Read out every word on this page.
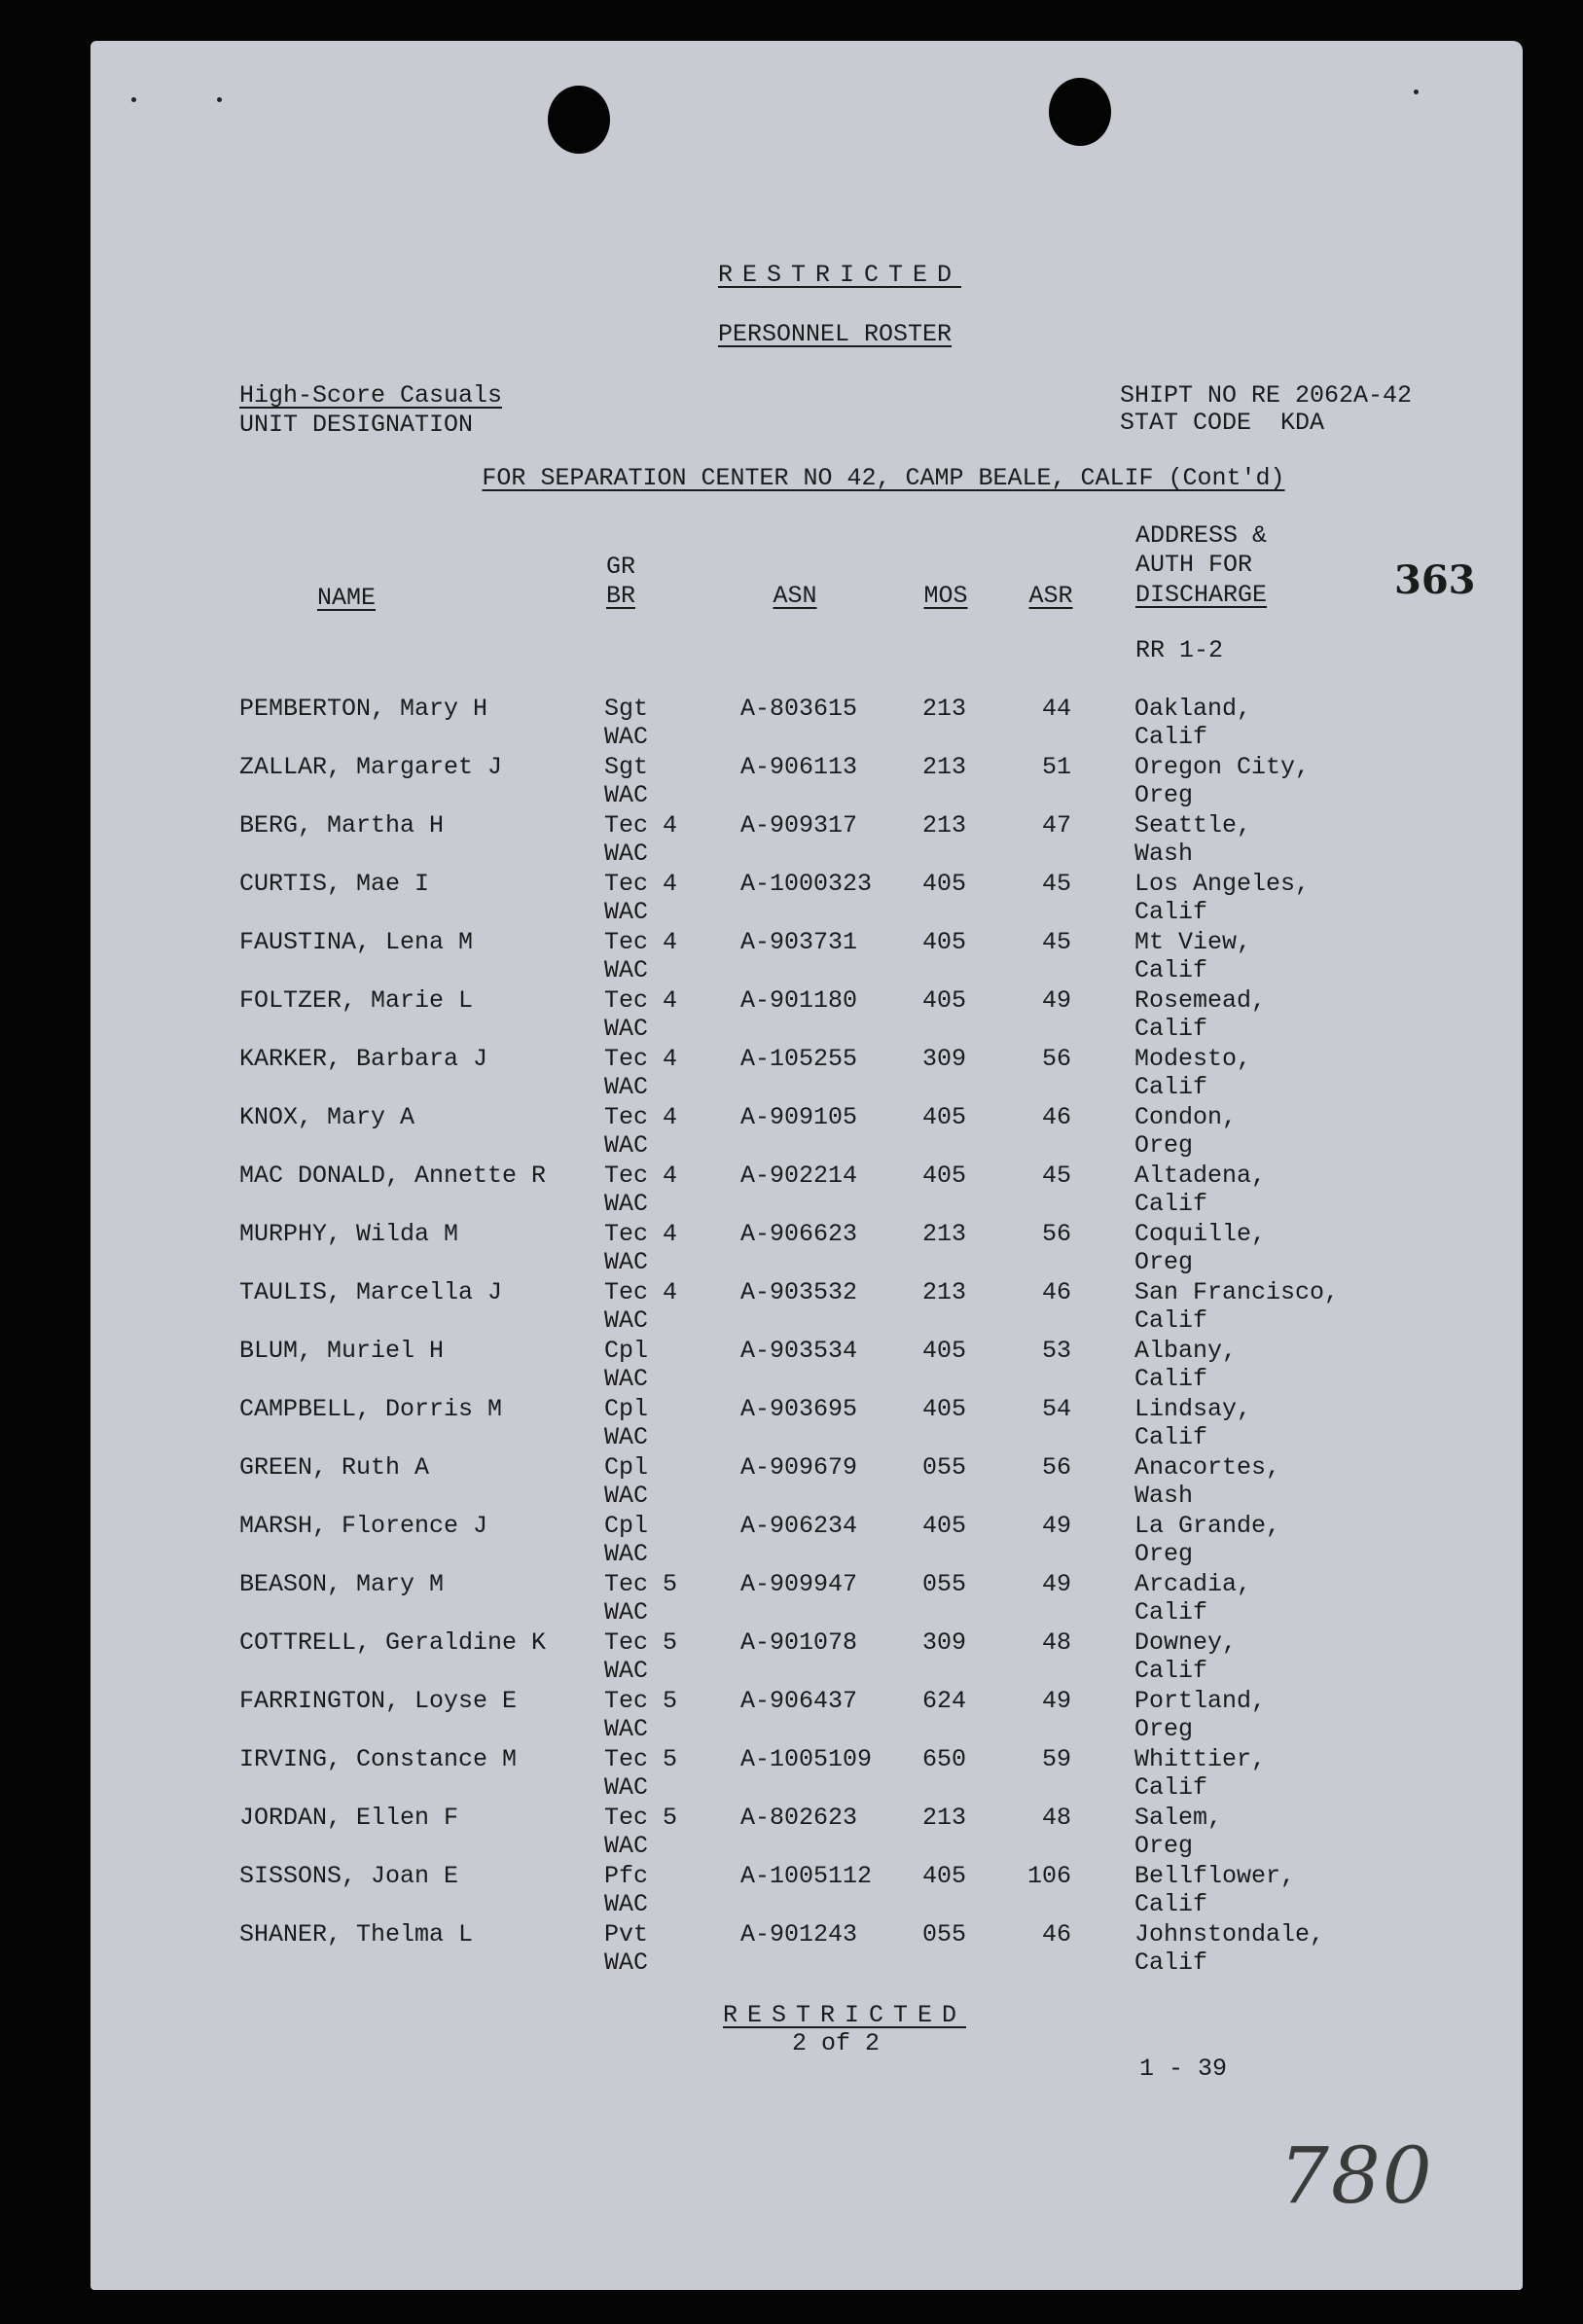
RESTRICTED
PERSONNEL ROSTER
High-Score Casuals
UNIT DESIGNATION
SHIPT NO RE 2062A-42
STAT CODE  KDA
FOR SEPARATION CENTER NO 42, CAMP BEALE, CALIF (Cont'd)
NAME
GR
BR	ASN	MOS	ASR
ADDRESS &
AUTH FOR
DISCHARGE
RR 1-2
363
PEMBERTON, Mary H	Sgt	A-803615	213	44	Oakland,
WAC	Calif
ZALLAR, Margaret J	Sgt	A-906113	213	51	Oregon City,
WAC	Oreg
BERG, Martha H	Tec 4	A-909317	213	47	Seattle,
WAC	Wash
CURTIS, Mae I	Tec 4	A-1000323 405	45	Los Angeles,
WAC	Calif
FAUSTINA, Lena M	Tec 4	A-903731	405	45	Mt View,
WAC	Calif
FOLTZER, Marie L	Tec 4	A-901180	405	49	Rosemead,
WAC	Calif
KARKER, Barbara J	Tec 4	A-105255	309	56	Modesto,
WAC	Calif
KNOX, Mary A	Tec 4	A-909105	405	46	Condon,
WAC	Oreg
MAC DONALD, Annette R Tec 4	A-902214	405	45	Altadena,
WAC	Calif
MURPHY, Wilda M	Tec 4	A-906623	213	56	Coquille,
WAC	Oreg
TAULIS, Marcella J	Tec 4	A-903532	213	46	San Francisco,
WAC	Calif
BLUM, Muriel H	Cpl	A-903534	405	53	Albany,
WAC	Calif
CAMPBELL, Dorris M	Cpl	A-903695	405	54	Lindsay,
WAC	Calif
GREEN, Ruth A	Cpl	A-909679	055	56	Anacortes,
WAC	Wash
MARSH, Florence J	Cpl	A-906234	405	49	La Grande,
WAC	Oreg
BEASON, Mary M	Tec 5	A-909947	055	49	Arcadia,
WAC	Calif
COTTRELL, Geraldine K Tec 5	A-901078	309	48	Downey,
WAC	Calif
FARRINGTON, Loyse E	Tec 5	A-906437	624	49	Portland,
WAC	Oreg
IRVING, Constance M	Tec 5	A-1005109 650	59	Whittier,
WAC	Calif
JORDAN, Ellen F	Tec 5	A-802623	213	48	Salem,
WAC	Oreg
SISSONS, Joan E	Pfc	A-1005112 405	106	Bellflower,
WAC	Calif
SHANER, Thelma L	Pvt	A-901243	055	46	Johnstondale,
WAC	Calif
RESTRICTED
2 of 2
1 - 39
780
